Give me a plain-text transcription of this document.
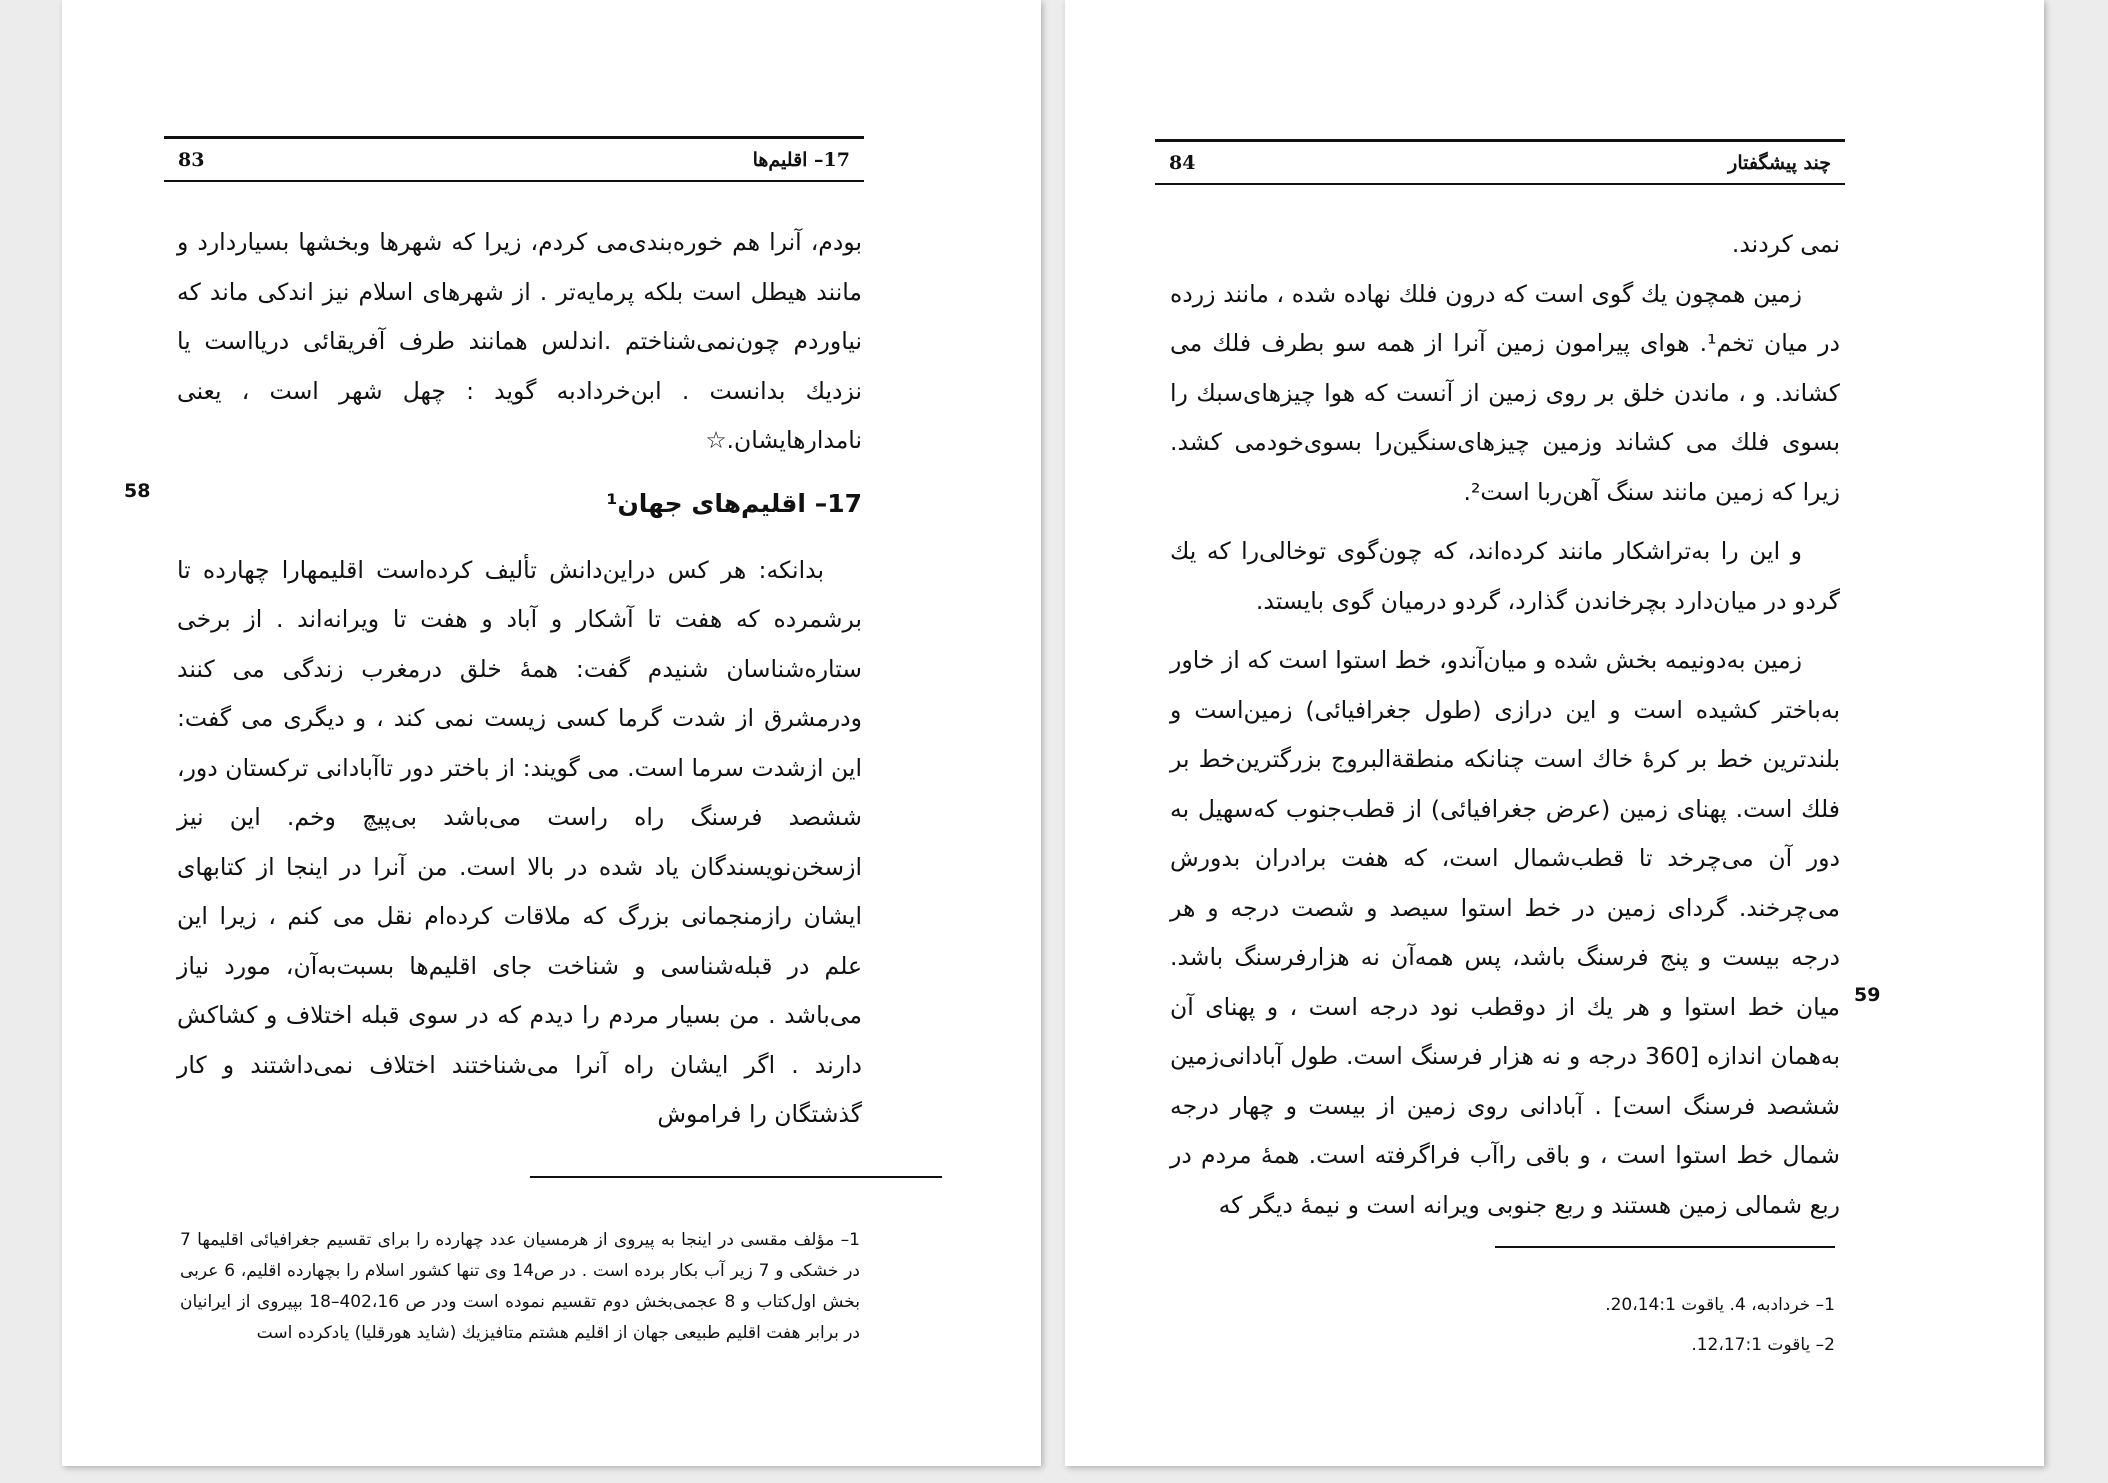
17– اقلیم‌ها
83
58

بودم، آنرا هم خوره‌بندی‌می کردم، زیرا که شهرها وبخشها بسیاردارد و مانند هیطل است بلکه پرمایه‌تر . از شهرهای اسلام نیز اندکی ماند که نیاوردم چون‌نمی‌شناختم .اندلس همانند طرف آفریقائی دریااست یا نزدیك بدانست . ابن‌خردادبه گوید : چهل شهر است ، یعنی نامدارهایشان.☆

17– اقلیم‌های جهان¹

بدانکه: هر کس دراین‌دانش تألیف کرده‌است اقلیمهارا چهارده تا برشمرده که هفت تا آشکار و آباد و هفت تا ویرانه‌اند . از برخی ستاره‌شناسان شنیدم گفت: همهٔ خلق درمغرب زندگی می کنند ودرمشرق از شدت گرما کسی زیست نمی کند ، و دیگری می گفت: این ازشدت سرما است. می گویند: از باختر دور تاآبادانی ترکستان دور، ششصد فرسنگ راه راست می‌باشد بی‌پیچ وخم. این نیز ازسخن‌نویسندگان یاد شده در بالا است. من آنرا در اینجا از کتابهای ایشان رازمنجمانی بزرگ که ملاقات کرده‌ام نقل می کنم ، زیرا این علم در قبله‌شناسی و شناخت جای اقلیم‌ها بسبت‌به‌آن، مورد نیاز می‌باشد . من بسیار مردم را دیدم که در سوی قبله اختلاف و کشاکش دارند . اگر ایشان راه آنرا می‌شناختند اختلاف نمی‌داشتند و کار گذشتگان را فراموش

1– مؤلف مقسی در اینجا به پیروی از هرمسیان عدد چهارده را برای تقسیم جغرافیائی اقلیمها 7 در خشکی و 7 زیر آب بکار برده است . در ص14 وی تنها کشور اسلام را بچهارده اقلیم، 6 عربی بخش اول‌کتاب و 8 عجمی‌بخش دوم تقسیم نموده است ودر ص 402،16–18 بپیروی از ایرانیان در برابر هفت اقلیم طبیعی جهان از اقلیم هشتم متافیزیك (شاید هورقلیا) یادکرده است

چند پیشگفتار
84
59

نمی کردند.

زمین همچون یك گوی است که درون فلك نهاده شده ، مانند زرده در میان تخم¹. هوای پیرامون زمین آنرا از همه سو بطرف فلك می کشاند. و ، ماندن خلق بر روی زمین از آنست که هوا چیزهای‌سبك را بسوی فلك می کشاند وزمین چیزهای‌سنگین‌را بسوی‌خودمی کشد. زیرا که زمین مانند سنگ آهن‌ربا است².

و این را به‌تراشکار مانند کرده‌اند، که چون‌گوی توخالی‌را که یك گردو در میان‌دارد بچرخاندن گذارد، گردو درمیان گوی بایستد.

زمین به‌دونیمه بخش شده و میان‌آندو، خط استوا است که از خاور به‌باختر کشیده است و این درازی (طول جغرافیائی) زمین‌است و بلندترین خط بر کرهٔ خاك است چنانکه منطقةالبروج بزرگترین‌خط بر فلك است. پهنای زمین (عرض جغرافیائی) از قطب‌جنوب که‌سهیل به دور آن می‌چرخد تا قطب‌شمال است، که هفت برادران بدورش می‌چرخند. گردای زمین در خط استوا سیصد و شصت درجه و هر درجه بیست و پنج فرسنگ باشد، پس همه‌آن نه هزارفرسنگ باشد. میان خط استوا و هر یك از دوقطب نود درجه است ، و پهنای آن به‌همان اندازه [360 درجه و نه هزار فرسنگ است. طول آبادانی‌زمین ششصد فرسنگ است] . آبادانی روی زمین از بیست و چهار درجه شمال خط استوا است ، و باقی راآب فراگرفته است. همهٔ مردم در ربع شمالی زمین هستند و ربع جنوبی ویرانه است و نیمهٔ دیگر که

1– خردادبه، 4. یاقوت 20،14:1.

2– یاقوت 12،17:1.
